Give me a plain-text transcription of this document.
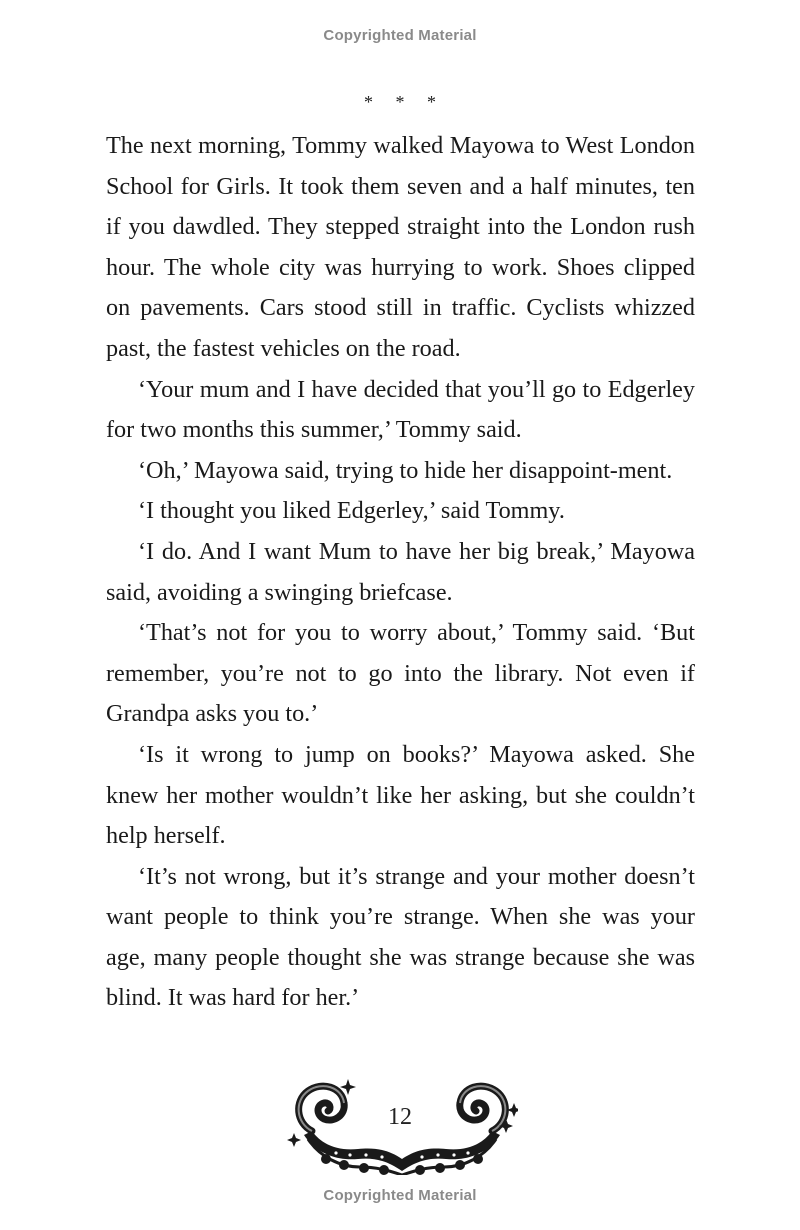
Copyrighted Material
* * *

The next morning, Tommy walked Mayowa to West London School for Girls. It took them seven and a half minutes, ten if you dawdled. They stepped straight into the London rush hour. The whole city was hurrying to work. Shoes clipped on pavements. Cars stood still in traffic. Cyclists whizzed past, the fastest vehicles on the road.

‘Your mum and I have decided that you’ll go to Edgerley for two months this summer,’ Tommy said.

‘Oh,’ Mayowa said, trying to hide her disappoint-ment.

‘I thought you liked Edgerley,’ said Tommy.

‘I do. And I want Mum to have her big break,’ Mayowa said, avoiding a swinging briefcase.

‘That’s not for you to worry about,’ Tommy said. ‘But remember, you’re not to go into the library. Not even if Grandpa asks you to.’

‘Is it wrong to jump on books?’ Mayowa asked. She knew her mother wouldn’t like her asking, but she couldn’t help herself.

‘It’s not wrong, but it’s strange and your mother doesn’t want people to think you’re strange. When she was your age, many people thought she was strange because she was blind. It was hard for her.’

12
Copyrighted Material
